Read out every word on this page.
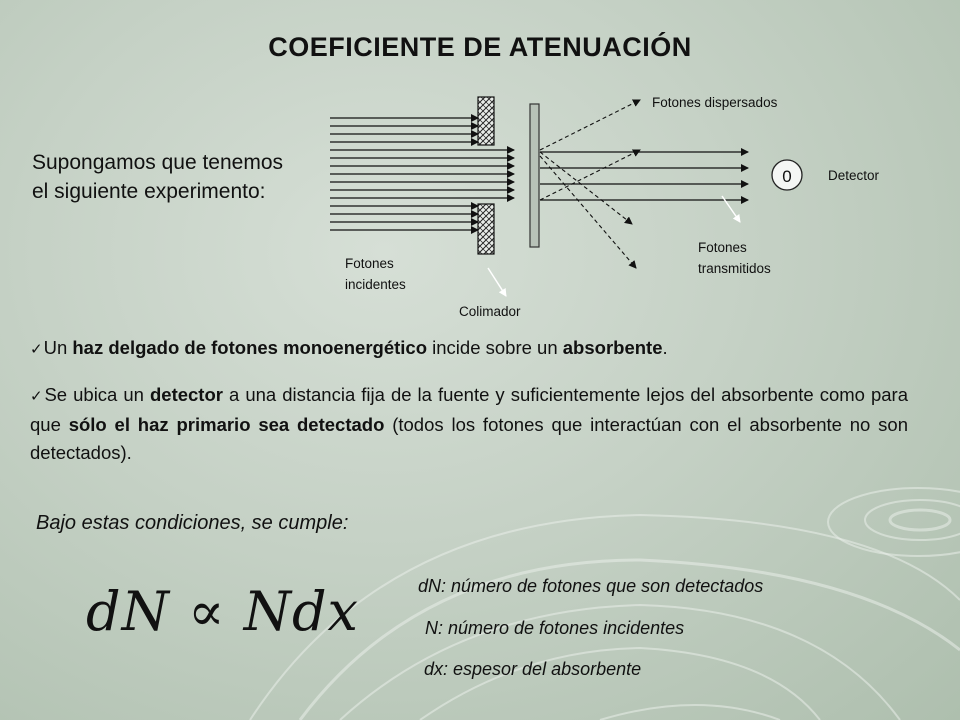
COEFICIENTE DE ATENUACIÓN
Supongamos que tenemos el siguiente experimento:
0
Fotones dispersados
Detector
Fotones
transmitidos
Fotones
incidentes
Colimador
✓Un haz delgado de fotones monoenergético incide sobre un absorbente.
✓Se ubica un detector a una distancia fija de la fuente y suficientemente lejos del absorbente como para que sólo el haz primario sea detectado (todos los fotones que interactúan con el absorbente no son detectados).
Bajo estas condiciones, se cumple:
dN ∝ Ndx	dN: número de fotones que son detectados
N: número de fotones incidentes
dx: espesor del absorbente
